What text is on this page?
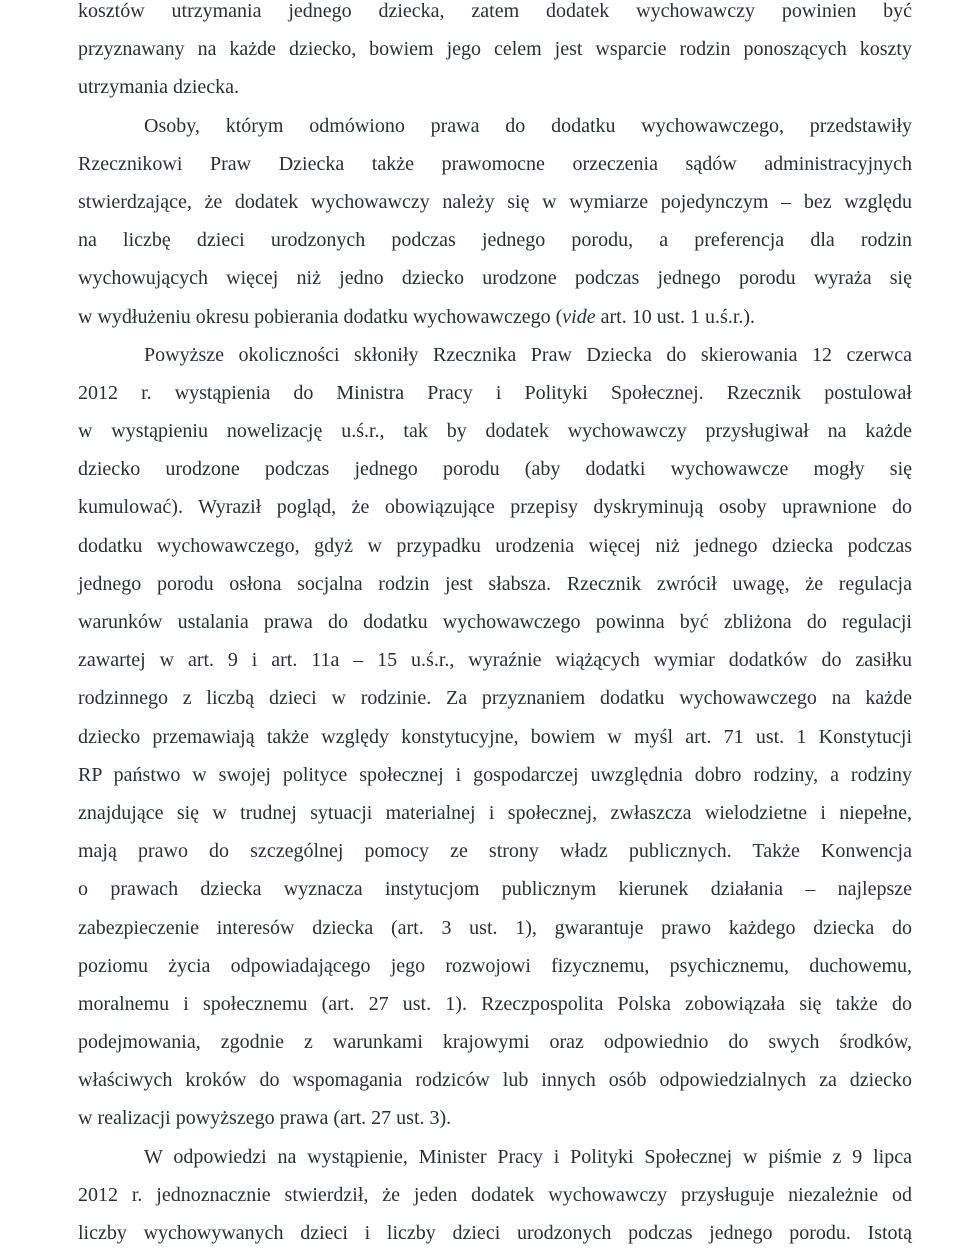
kosztów utrzymania jednego dziecka, zatem dodatek wychowawczy powinien być
przyznawany na każde dziecko, bowiem jego celem jest wsparcie rodzin ponoszących koszty
utrzymania dziecka.
Osoby, którym odmówiono prawa do dodatku wychowawczego, przedstawiły
Rzecznikowi Praw Dziecka także prawomocne orzeczenia sądów administracyjnych
stwierdzające, że dodatek wychowawczy należy się w wymiarze pojedynczym – bez względu
na liczbę dzieci urodzonych podczas jednego porodu, a preferencja dla rodzin
wychowujących więcej niż jedno dziecko urodzone podczas jednego porodu wyraża się
w wydłużeniu okresu pobierania dodatku wychowawczego (vide art. 10 ust. 1 u.ś.r.).
Powyższe okoliczności skłoniły Rzecznika Praw Dziecka do skierowania 12 czerwca
2012 r. wystąpienia do Ministra Pracy i Polityki Społecznej. Rzecznik postulował
w wystąpieniu nowelizację u.ś.r., tak by dodatek wychowawczy przysługiwał na każde
dziecko urodzone podczas jednego porodu (aby dodatki wychowawcze mogły się
kumulować). Wyraził pogląd, że obowiązujące przepisy dyskryminują osoby uprawnione do
dodatku wychowawczego, gdyż w przypadku urodzenia więcej niż jednego dziecka podczas
jednego porodu osłona socjalna rodzin jest słabsza. Rzecznik zwrócił uwagę, że regulacja
warunków ustalania prawa do dodatku wychowawczego powinna być zbliżona do regulacji
zawartej w art. 9 i art. 11a – 15 u.ś.r., wyraźnie wiążących wymiar dodatków do zasiłku
rodzinnego z liczbą dzieci w rodzinie. Za przyznaniem dodatku wychowawczego na każde
dziecko przemawiają także względy konstytucyjne, bowiem w myśl art. 71 ust. 1 Konstytucji
RP państwo w swojej polityce społecznej i gospodarczej uwzględnia dobro rodziny, a rodziny
znajdujące się w trudnej sytuacji materialnej i społecznej, zwłaszcza wielodzietne i niepełne,
mają prawo do szczególnej pomocy ze strony władz publicznych. Także Konwencja
o prawach dziecka wyznacza instytucjom publicznym kierunek działania – najlepsze
zabezpieczenie interesów dziecka (art. 3 ust. 1), gwarantuje prawo każdego dziecka do
poziomu życia odpowiadającego jego rozwojowi fizycznemu, psychicznemu, duchowemu,
moralnemu i społecznemu (art. 27 ust. 1). Rzeczpospolita Polska zobowiązała się także do
podejmowania, zgodnie z warunkami krajowymi oraz odpowiednio do swych środków,
właściwych kroków do wspomagania rodziców lub innych osób odpowiedzialnych za dziecko
w realizacji powyższego prawa (art. 27 ust. 3).
W odpowiedzi na wystąpienie, Minister Pracy i Polityki Społecznej w piśmie z 9 lipca
2012 r. jednoznacznie stwierdził, że jeden dodatek wychowawczy przysługuje niezależnie od
liczby wychowywanych dzieci i liczby dzieci urodzonych podczas jednego porodu. Istotą
